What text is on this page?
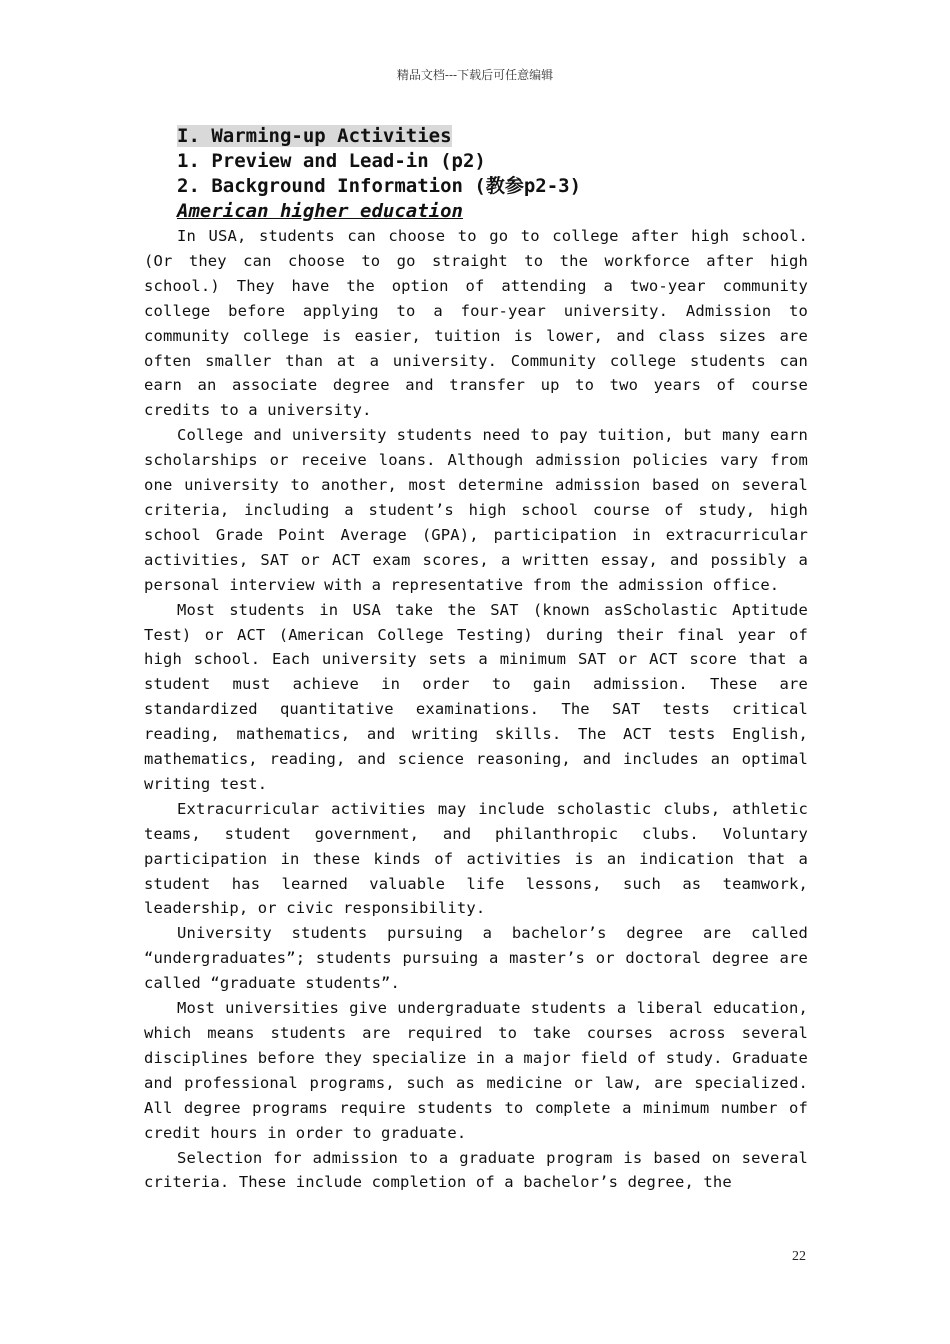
精品文档---下载后可任意编辑
I. Warming-up Activities
1. Preview and Lead-in (p2)
2. Background Information (教参p2-3)
American higher education

In USA, students can choose to go to college after high school. (Or they can choose to go straight to the workforce after high school.) They have the option of attending a two-year community college before applying to a four-year university. Admission to community college is easier, tuition is lower, and class sizes are often smaller than at a university. Community college students can earn an associate degree and transfer up to two years of course credits to a university.

College and university students need to pay tuition, but many earn scholarships or receive loans. Although admission policies vary from one university to another, most determine admission based on several criteria, including a student’s high school course of study, high school Grade Point Average (GPA), participation in extracurricular activities, SAT or ACT exam scores, a written essay, and possibly a personal interview with a representative from the admission office.

Most students in USA take the SAT (known asScholastic Aptitude Test) or ACT (American College Testing) during their final year of high school. Each university sets a minimum SAT or ACT score that a student must achieve in order to gain admission. These are standardized quantitative examinations. The SAT tests critical reading, mathematics, and writing skills. The ACT tests English, mathematics, reading, and science reasoning, and includes an optimal writing test.

Extracurricular activities may include scholastic clubs, athletic teams, student government, and philanthropic clubs. Voluntary participation in these kinds of activities is an indication that a student has learned valuable life lessons, such as teamwork, leadership, or civic responsibility.

University students pursuing a bachelor’s degree are called “undergraduates”; students pursuing a master’s or doctoral degree are called “graduate students”.

Most universities give undergraduate students a liberal education, which means students are required to take courses across several disciplines before they specialize in a major field of study. Graduate and professional programs, such as medicine or law, are specialized. All degree programs require students to complete a minimum number of credit hours in order to graduate.

Selection for admission to a graduate program is based on several criteria. These include completion of a bachelor’s degree, the

22
